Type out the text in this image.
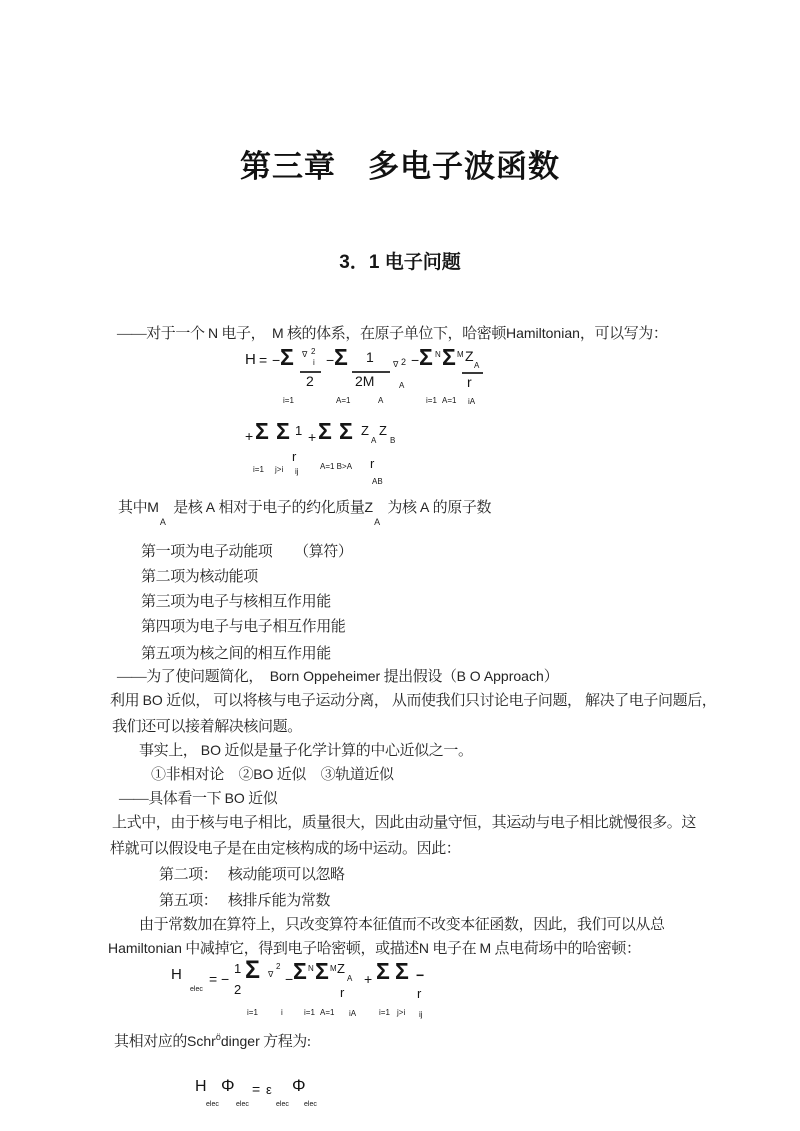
第三章　多电子波函数
3．1 电子问题
——对于一个 N 电子，  M 核的体系，在原子单位下，哈密顿Hamiltonian，可以写为：
其中MA 是核 A 相对于电子的约化质量ZA 为核 A 的原子数
第一项为电子动能项　　（算符）
第二项为核动能项
第三项为电子与核相互作用能
第四项为电子与电子相互作用能
第五项为核之间的相互作用能
——为了使问题简化，  Born Oppeheimer 提出假设（B O Approach）
利用 BO 近似， 可以将核与电子运动分离， 从而使我们只讨论电子问题， 解决了电子问题后，
我们还可以接着解决核问题。
事实上， BO 近似是量子化学计算的中心近似之一。
①非相对论　②BO 近似　③轨道近似
——具体看一下 BO 近似
上式中，由于核与电子相比，质量很大，因此由动量守恒，其运动与电子相比就慢很多。这
样就可以假设电子是在由定核构成的场中运动。因此：
第二项：　 核动能项可以忽略
第五项：　 核排斥能为常数
由于常数加在算符上，只改变算符本征值而不改变本征函数，因此，我们可以从总
Hamiltonian 中减掉它，得到电子哈密顿，或描述N 电子在 M 点电荷场中的哈密顿：
其相对应的Schr$^ö$dinger 方程为:
H = − Σ ∇ 2
i
2
− Σ 1
2M
∇ 2
A
− Σ N Σ M Z
A
r
i=1	A=1	A	i=1 A=1 iA
+ Σ Σ 1 + Σ Σ Z
A
Z
B
r
i=1 j>i ij
A=1 B>A r
AB
H
elec
= −
1
2
Σ ∇
2
− Σ N Σ M Z
A
r
+ Σ Σ −
r
i=1	i	i=1 A=1 iA	i=1 j>i ij
H Φ = ε Φ
elec elec	elec elec
